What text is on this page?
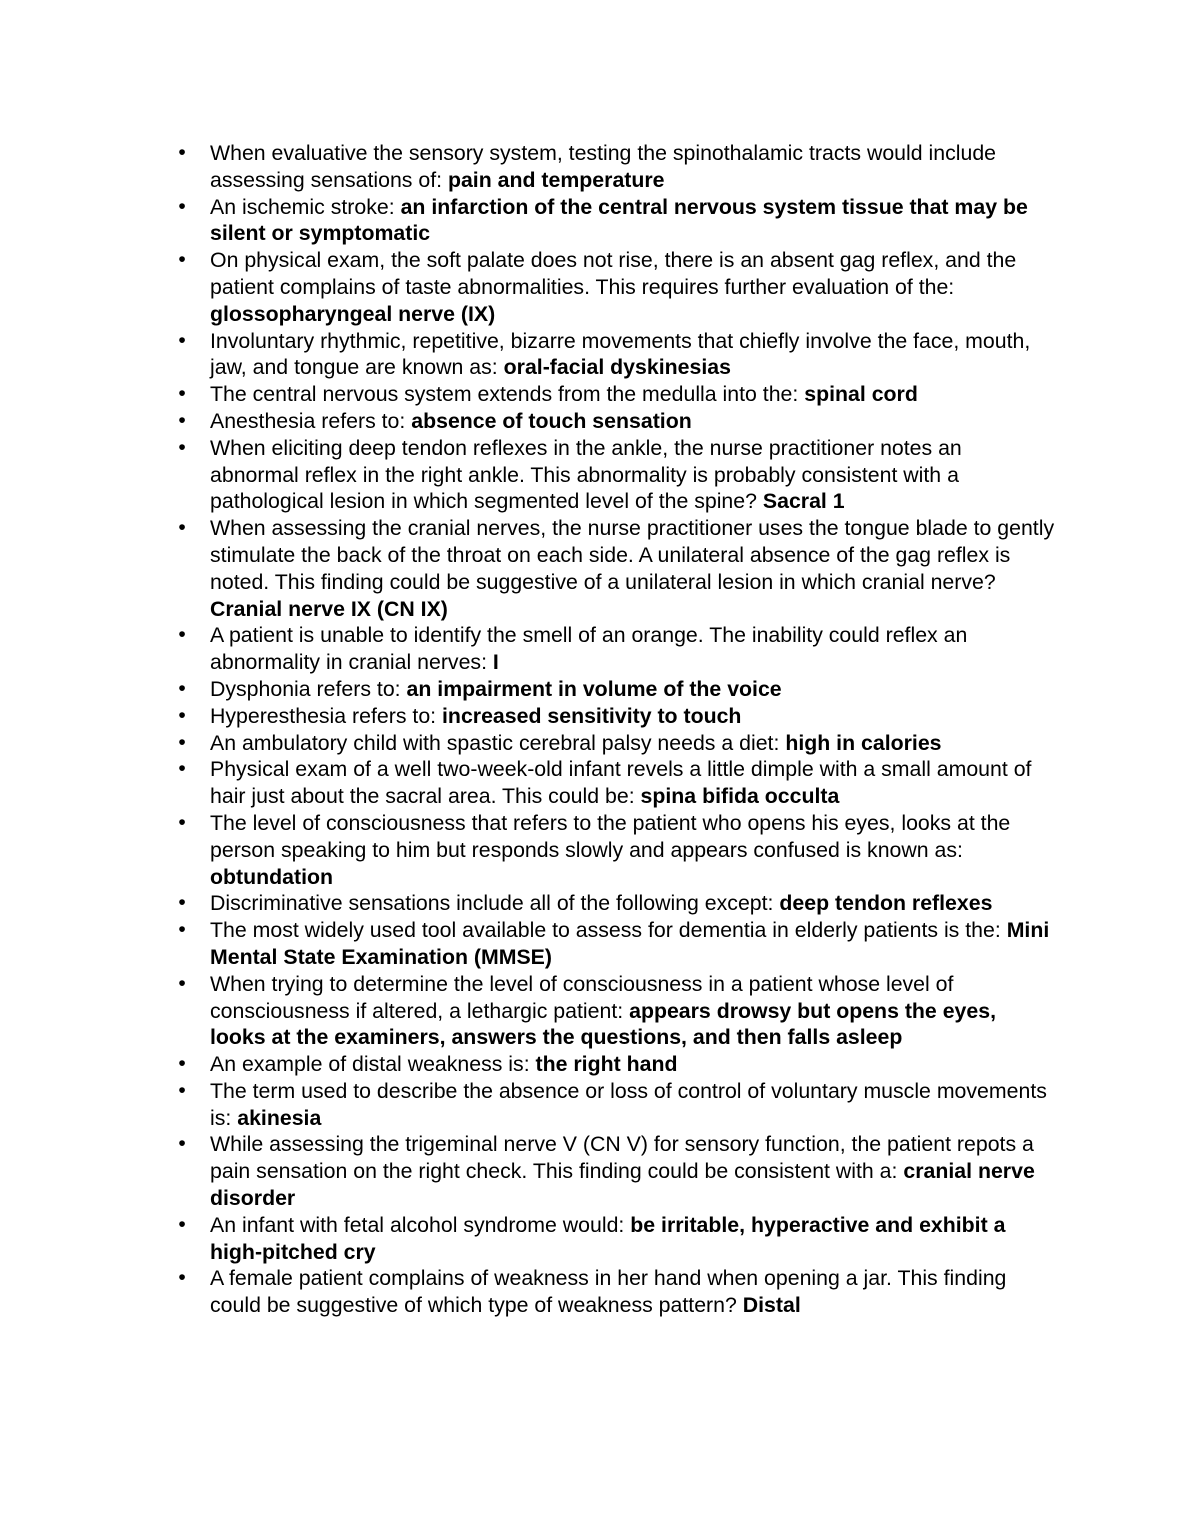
• When evaluative the sensory system, testing the spinothalamic tracts would include assessing sensations of: pain and temperature
• An ischemic stroke: an infarction of the central nervous system tissue that may be silent or symptomatic
• On physical exam, the soft palate does not rise, there is an absent gag reflex, and the patient complains of taste abnormalities. This requires further evaluation of the: glossopharyngeal nerve (IX)
• Involuntary rhythmic, repetitive, bizarre movements that chiefly involve the face, mouth, jaw, and tongue are known as: oral-facial dyskinesias
• The central nervous system extends from the medulla into the: spinal cord
• Anesthesia refers to: absence of touch sensation
• When eliciting deep tendon reflexes in the ankle, the nurse practitioner notes an abnormal reflex in the right ankle. This abnormality is probably consistent with a pathological lesion in which segmented level of the spine? Sacral 1
• When assessing the cranial nerves, the nurse practitioner uses the tongue blade to gently stimulate the back of the throat on each side. A unilateral absence of the gag reflex is noted. This finding could be suggestive of a unilateral lesion in which cranial nerve? Cranial nerve IX (CN IX)
• A patient is unable to identify the smell of an orange. The inability could reflex an abnormality in cranial nerves: I
• Dysphonia refers to: an impairment in volume of the voice
• Hyperesthesia refers to: increased sensitivity to touch
• An ambulatory child with spastic cerebral palsy needs a diet: high in calories
• Physical exam of a well two-week-old infant revels a little dimple with a small amount of hair just about the sacral area. This could be: spina bifida occulta
• The level of consciousness that refers to the patient who opens his eyes, looks at the person speaking to him but responds slowly and appears confused is known as: obtundation
• Discriminative sensations include all of the following except: deep tendon reflexes
• The most widely used tool available to assess for dementia in elderly patients is the: Mini Mental State Examination (MMSE)
• When trying to determine the level of consciousness in a patient whose level of consciousness if altered, a lethargic patient: appears drowsy but opens the eyes, looks at the examiners, answers the questions, and then falls asleep
• An example of distal weakness is: the right hand
• The term used to describe the absence or loss of control of voluntary muscle movements is: akinesia
• While assessing the trigeminal nerve V (CN V) for sensory function, the patient repots a pain sensation on the right check. This finding could be consistent with a: cranial nerve disorder
• An infant with fetal alcohol syndrome would: be irritable, hyperactive and exhibit a high-pitched cry
• A female patient complains of weakness in her hand when opening a jar. This finding could be suggestive of which type of weakness pattern? Distal
